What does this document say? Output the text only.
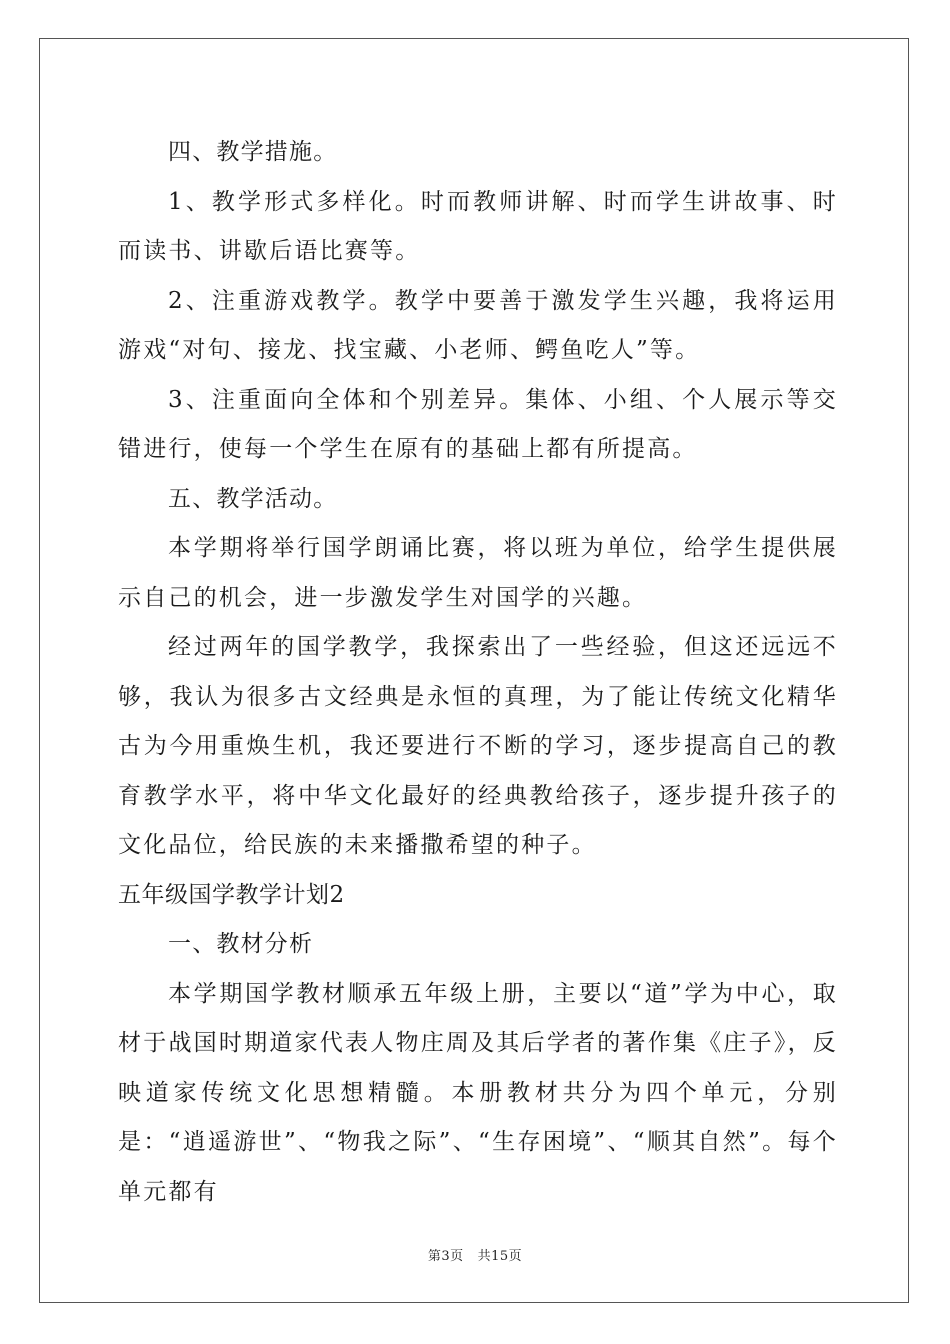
四、教学措施。

1、教学形式多样化。时而教师讲解、时而学生讲故事、时而读书、讲歇后语比赛等。

2、注重游戏教学。教学中要善于激发学生兴趣，我将运用游戏“对句、接龙、找宝藏、小老师、鳄鱼吃人”等。

3、注重面向全体和个别差异。集体、小组、个人展示等交错进行，使每一个学生在原有的基础上都有所提高。

五、教学活动。

本学期将举行国学朗诵比赛，将以班为单位，给学生提供展示自己的机会，进一步激发学生对国学的兴趣。

经过两年的国学教学，我探索出了一些经验，但这还远远不够，我认为很多古文经典是永恒的真理，为了能让传统文化精华古为今用重焕生机，我还要进行不断的学习，逐步提高自己的教育教学水平，将中华文化最好的经典教给孩子，逐步提升孩子的文化品位，给民族的未来播撒希望的种子。

五年级国学教学计划2

一、教材分析

本学期国学教材顺承五年级上册，主要以“道”学为中心，取材于战国时期道家代表人物庄周及其后学者的著作集《庄子》，反映道家传统文化思想精髓。本册教材共分为四个单元，分别是：“逍遥游世”、“物我之际”、“生存困境”、“顺其自然”。每个单元都有

第3页 共15页
